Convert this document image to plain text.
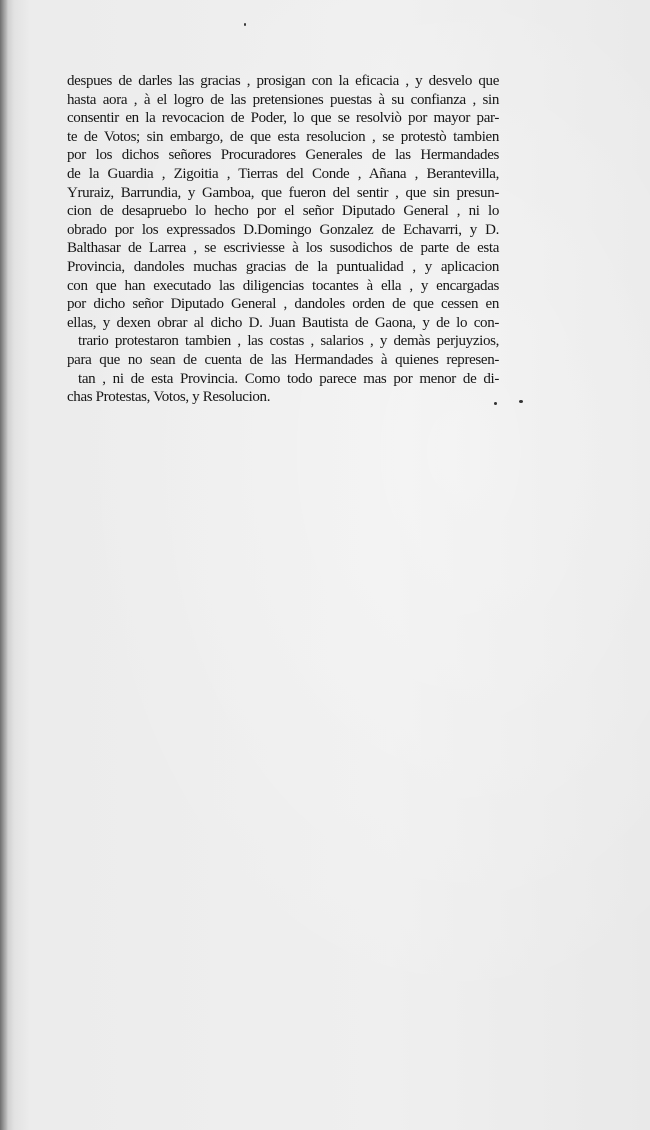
despues de darles las gracias , prosigan con la eficacia , y desvelo que
hasta aora , à el logro de las pretensiones puestas à su confianza , sin
consentir en la revocacion de Poder, lo que se resolviò por mayor par-
te de Votos; sin embargo, de que esta resolucion , se protestò tambien
por los dichos señores Procuradores Generales de las Hermandades
de la Guardia , Zigoitia , Tierras del Conde , Añana , Berantevilla,
Yruraiz, Barrundia, y Gamboa, que fueron del sentir , que sin presun-
cion de desapruebo lo hecho por el señor Diputado General , ni lo
obrado por los expressados D.Domingo Gonzalez de Echavarri, y D.
Balthasar de Larrea , se escriviesse à los susodichos de parte de esta
Provincia, dandoles muchas gracias de la puntualidad , y aplicacion
con que han executado las diligencias tocantes à ella , y encargadas
por dicho señor Diputado General , dandoles orden de que cessen en
ellas, y dexen obrar al dicho D. Juan Bautista de Gaona, y de lo con-
trario protestaron tambien , las costas , salarios , y demàs perjuyzios,
para que no sean de cuenta de las Hermandades à quienes represen-
tan , ni de esta Provincia. Como todo parece mas por menor de di-
chas Protestas, Votos, y Resolucion.
